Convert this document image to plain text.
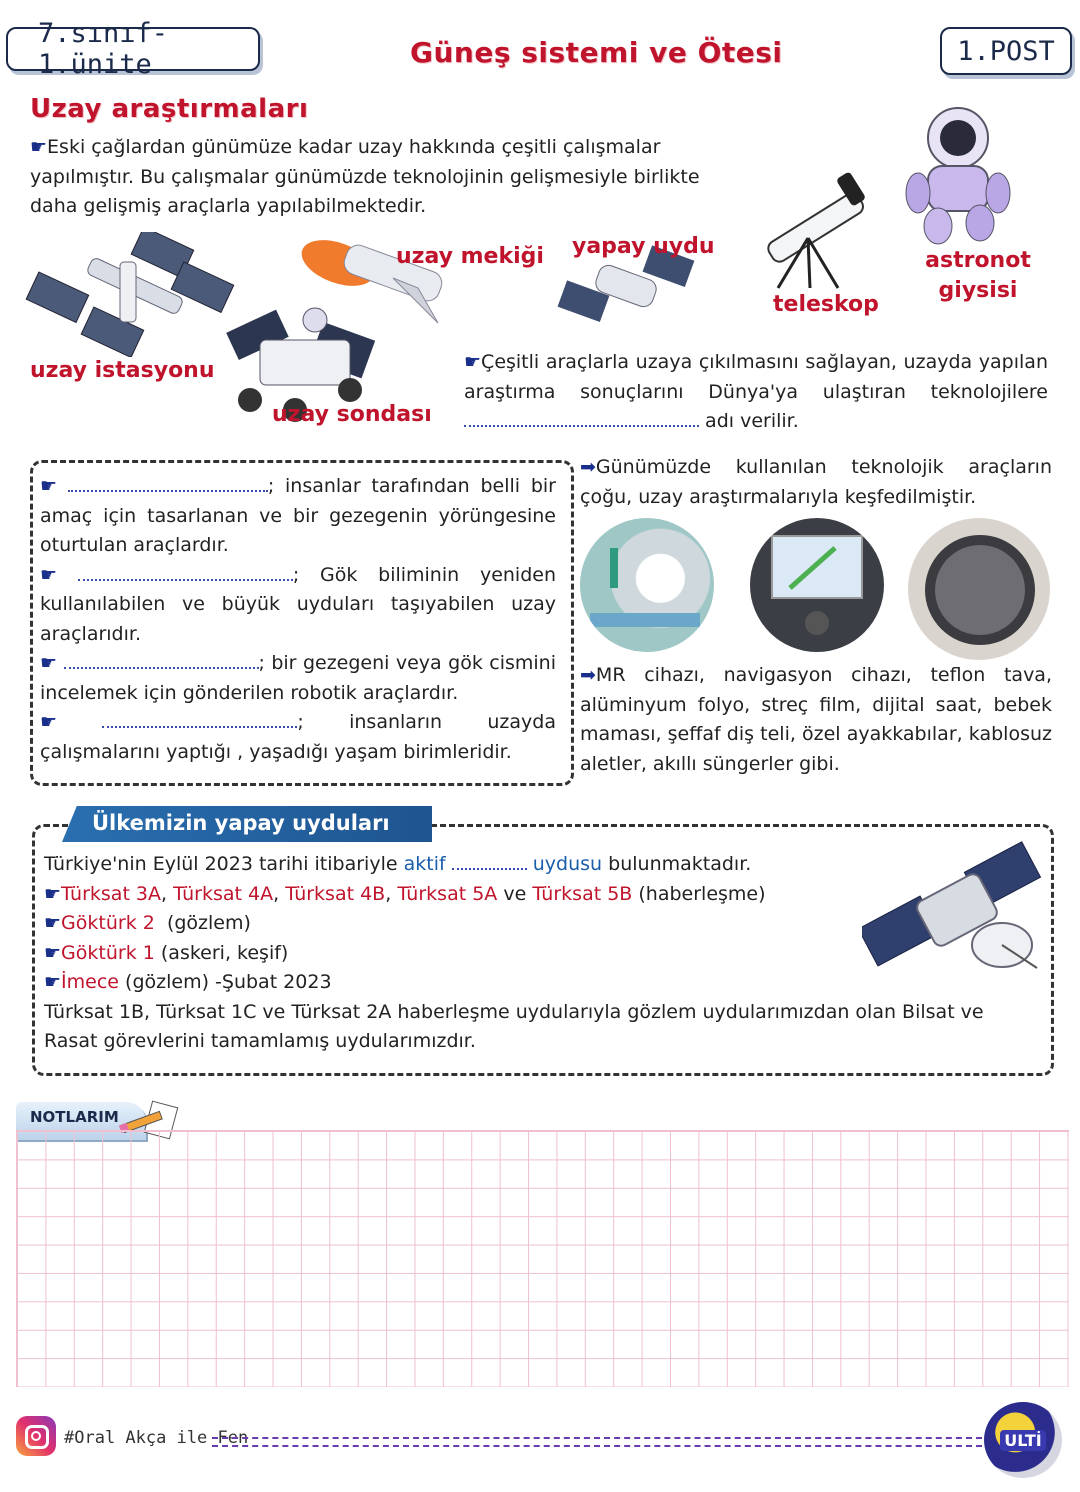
7.sınıf- 1.ünite	Güneş sistemi ve Ötesi	1.POST
Uzay araştırmaları
☛Eski çağlardan günümüze kadar uzay hakkında çeşitli çalışmalar yapılmıştır. Bu çalışmalar günümüzde teknolojinin gelişmesiyle birlikte daha gelişmiş araçlarla yapılabilmektedir.
uzay istasyonu
uzay mekiği
uzay sondası
yapay uydu
teleskop
astronot giysisi
☛Çeşitli araçlarla uzaya çıkılmasını sağlayan, uzayda yapılan araştırma sonuçlarını Dünya'ya ulaştıran teknolojilere  adı verilir.
☛	; insanlar tarafından belli bir amaç için tasarlanan ve bir gezegenin yörüngesine oturtulan araçlardır.
☛	; Gök biliminin yeniden kullanılabilen ve büyük uyduları taşıyabilen uzay araçlarıdır.
☛	; bir gezegeni veya gök cismini incelemek için gönderilen robotik araçlardır.
☛	; insanların uzayda çalışmalarını yaptığı , yaşadığı yaşam birimleridir.
➡Günümüzde kullanılan teknolojik araçların çoğu, uzay araştırmalarıyla keşfedilmiştir.
➡MR cihazı, navigasyon cihazı, teflon tava, alüminyum folyo, streç film, dijital saat, bebek maması, şeffaf diş teli, özel ayakkabılar, kablosuz aletler, akıllı süngerler gibi.
Ülkemizin yapay uyduları
Türkiye'nin Eylül 2023 tarihi itibariyle aktif	uydusu bulunmaktadır.
☛Türksat 3A, Türksat 4A, Türksat 4B, Türksat 5A ve Türksat 5B (haberleşme)
☛Göktürk 2 (gözlem)
☛Göktürk 1 (askeri, keşif)
☛İmece (gözlem) -Şubat 2023
Türksat 1B, Türksat 1C ve Türksat 2A haberleşme uydularıyla gözlem uydularımızdan olan Bilsat ve Rasat görevlerini tamamlamış uydularımızdır.
NOTLARIM
#Oral Akça ile Fen	ULTİ
